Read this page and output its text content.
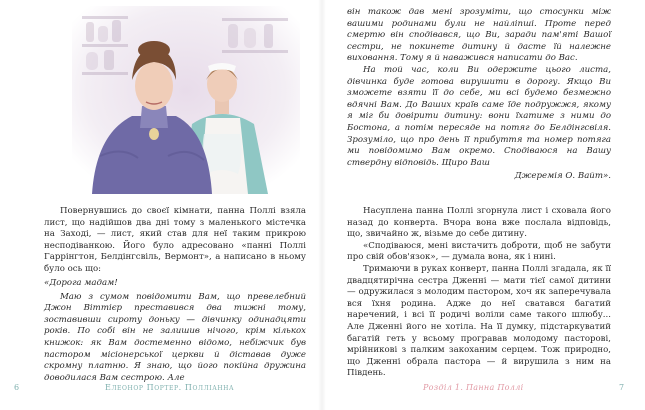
Повернувшись до своєї кімнати, панна Поллі взяла лист, що надійшов два дні тому з маленького містечка на Заході, — лист, який став для неї таким прикрою несподіванкою. Його було адресовано «панні Поллі Гаррінгтон, Белдінгсвіль, Вермонт», а написано в ньому було ось що:

«Дорога мадам!

Маю з сумом повідомити Вам, що превелебний Джон Віттієр преставився два тижні тому, зоставивши сироту доньку — дівчинку одинадцяти років. По собі він не залишив нічого, крім кількох книжок: як Вам достеменно відомо, небіжчик був пастором місіонерської церкви й діставав дуже скромну платню. Я знаю, що його покійна дружина доводилася Вам сестрою. Але

6	Елеонор Портер. Полліанна

він також дав мені зрозуміти, що стосунки між вашими родинами були не найліпші. Проте перед смертю він сподівався, що Ви, заради пам'яті Вашої сестри, не покинете дитину й дасте їй належне виховання. Тому я й наважився написати до Вас.

На той час, коли Ви одержите цього листа, дівчинка буде готова вирушити в дорогу. Якщо Ви зможете взяти її до себе, ми всі будемо безмежно вдячні Вам. До Ваших країв саме їде подружжя, якому я міг би довірити дитину: вони їхатиме з ними до Бостона, а потім пересяде на потяг до Белдінгсвіля. Зрозуміло, що про день її прибуття та номер потяга ми повідомимо Вам окремо. Сподіваюся на Вашу ствердну відповідь. Щиро Ваш

Джеремія О. Вайт».

Насуплена панна Поллі згорнула лист і сховала його назад до конверта. Вчора вона вже послала відповідь, що, звичайно ж, візьме до себе дитину.

«Сподіваюся, мені вистачить доброти, щоб не забути про свій обов'язок», — думала вона, як і нині.

Тримаючи в руках конверт, панна Поллі згадала, як її двадцятирічна сестра Дженні — мати тієї самої дитини — одружилася з молодим пастором, хоч як заперечувала вся їхня родина. Адже до неї сватався багатий наречений, і всі її родичі воліли саме такого шлюбу... Але Дженні його не хотіла. На її думку, підстаркуватий багатій геть у всьому програвав молодому пасторові, мрійникові з палким закоханим серцем. Тож природно, що Дженні обрала пастора — й вирушила з ним на Південь.

Розділ 1. Панна Поллі	7
